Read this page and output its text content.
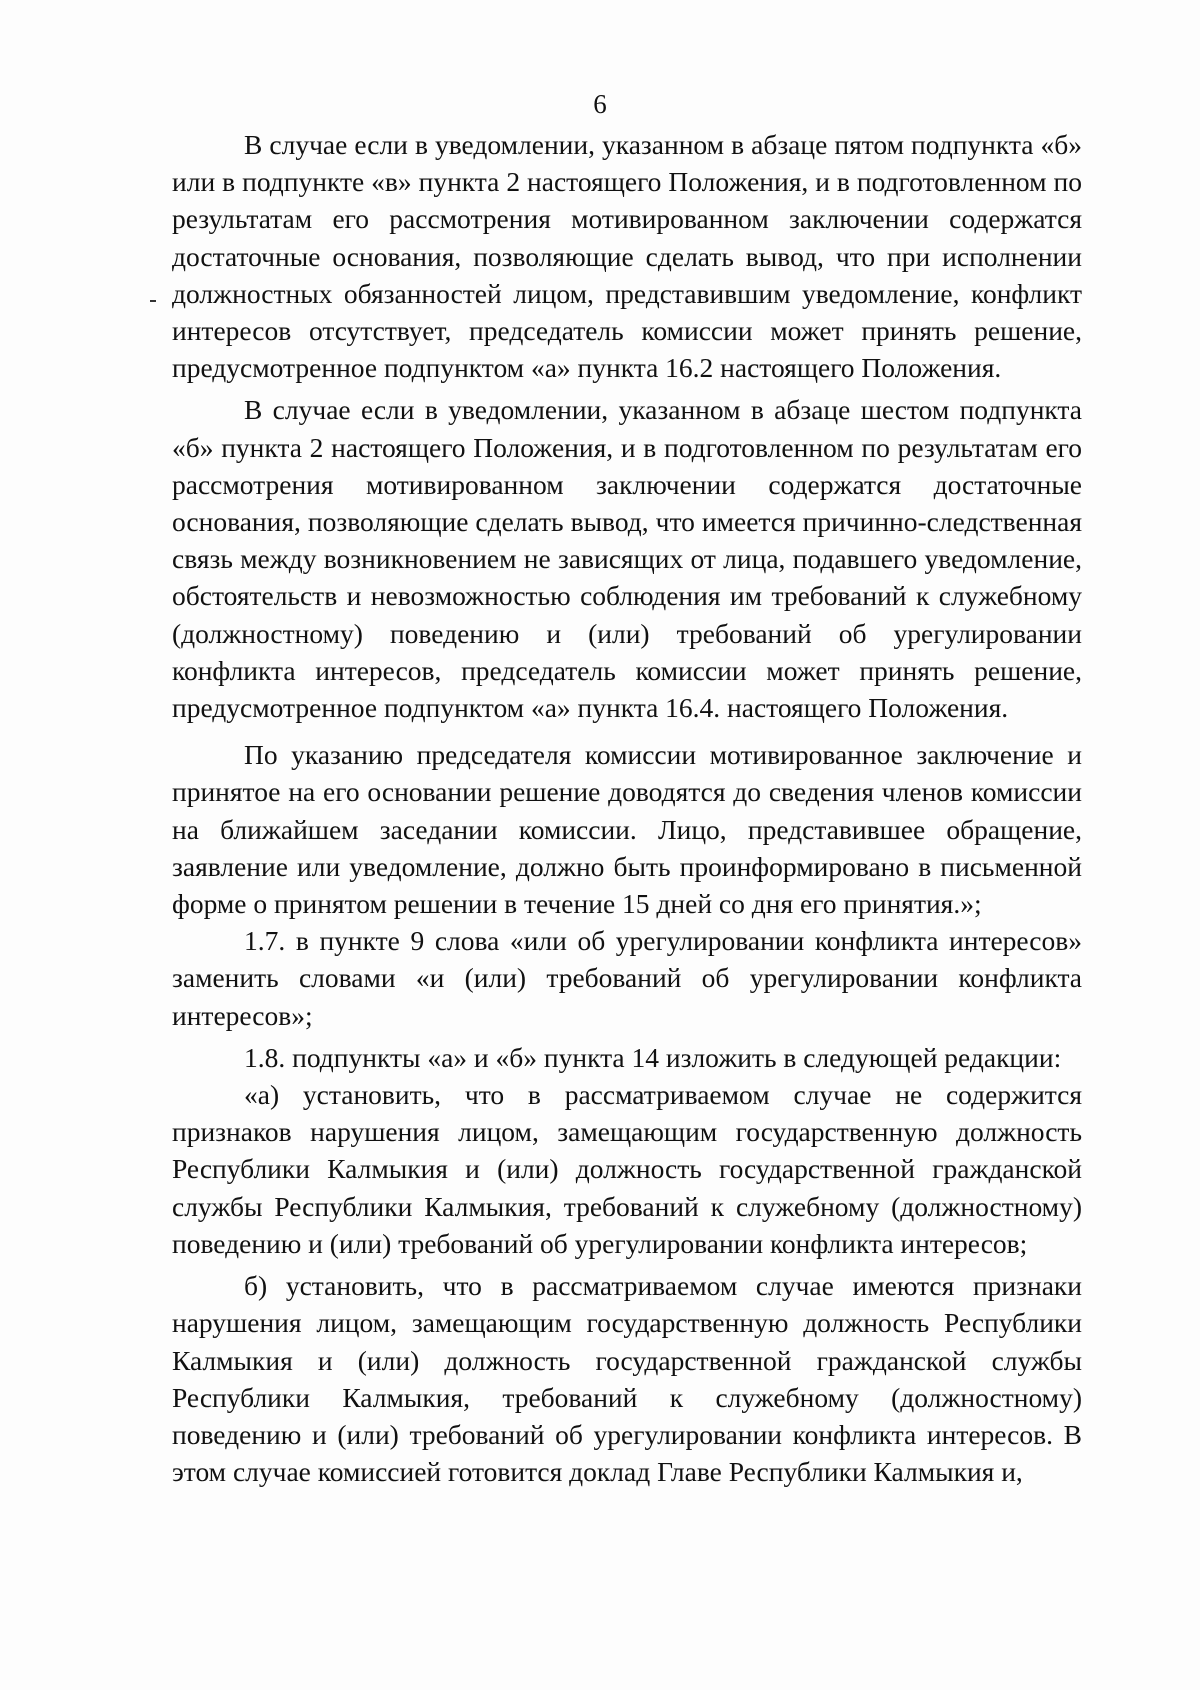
6

В случае если в уведомлении, указанном в абзаце пятом подпункта «б» или в подпункте «в» пункта 2 настоящего Положения, и в подготовленном по результатам его рассмотрения мотивированном заключении содержатся достаточные основания, позволяющие сделать вывод, что при исполнении должностных обязанностей лицом, представившим уведомление, конфликт интересов отсутствует, председатель комиссии может принять решение, предусмотренное подпунктом «а» пункта 16.2 настоящего Положения.

В случае если в уведомлении, указанном в абзаце шестом подпункта «б» пункта 2 настоящего Положения, и в подготовленном по результатам его рассмотрения мотивированном заключении содержатся достаточные основания, позволяющие сделать вывод, что имеется причинно-следственная связь между возникновением не зависящих от лица, подавшего уведомление, обстоятельств и невозможностью соблюдения им требований к служебному (должностному) поведению и (или) требований об урегулировании конфликта интересов, председатель комиссии может принять решение, предусмотренное подпунктом «а» пункта 16.4. настоящего Положения.

По указанию председателя комиссии мотивированное заключение и принятое на его основании решение доводятся до сведения членов комиссии на ближайшем заседании комиссии. Лицо, представившее обращение, заявление или уведомление, должно быть проинформировано в письменной форме о принятом решении в течение 15 дней со дня его принятия.»;

1.7. в пункте 9 слова «или об урегулировании конфликта интересов» заменить словами «и (или) требований об урегулировании конфликта интересов»;

1.8. подпункты «а» и «б» пункта 14 изложить в следующей редакции:

«а) установить, что в рассматриваемом случае не содержится признаков нарушения лицом, замещающим государственную должность Республики Калмыкия и (или) должность государственной гражданской службы Республики Калмыкия, требований к служебному (должностному) поведению и (или) требований об урегулировании конфликта интересов;

б) установить, что в рассматриваемом случае имеются признаки нарушения лицом, замещающим государственную должность Республики Калмыкия и (или) должность государственной гражданской службы Республики Калмыкия, требований к служебному (должностному) поведению и (или) требований об урегулировании конфликта интересов. В этом случае комиссией готовится доклад Главе Республики Калмыкия и,
